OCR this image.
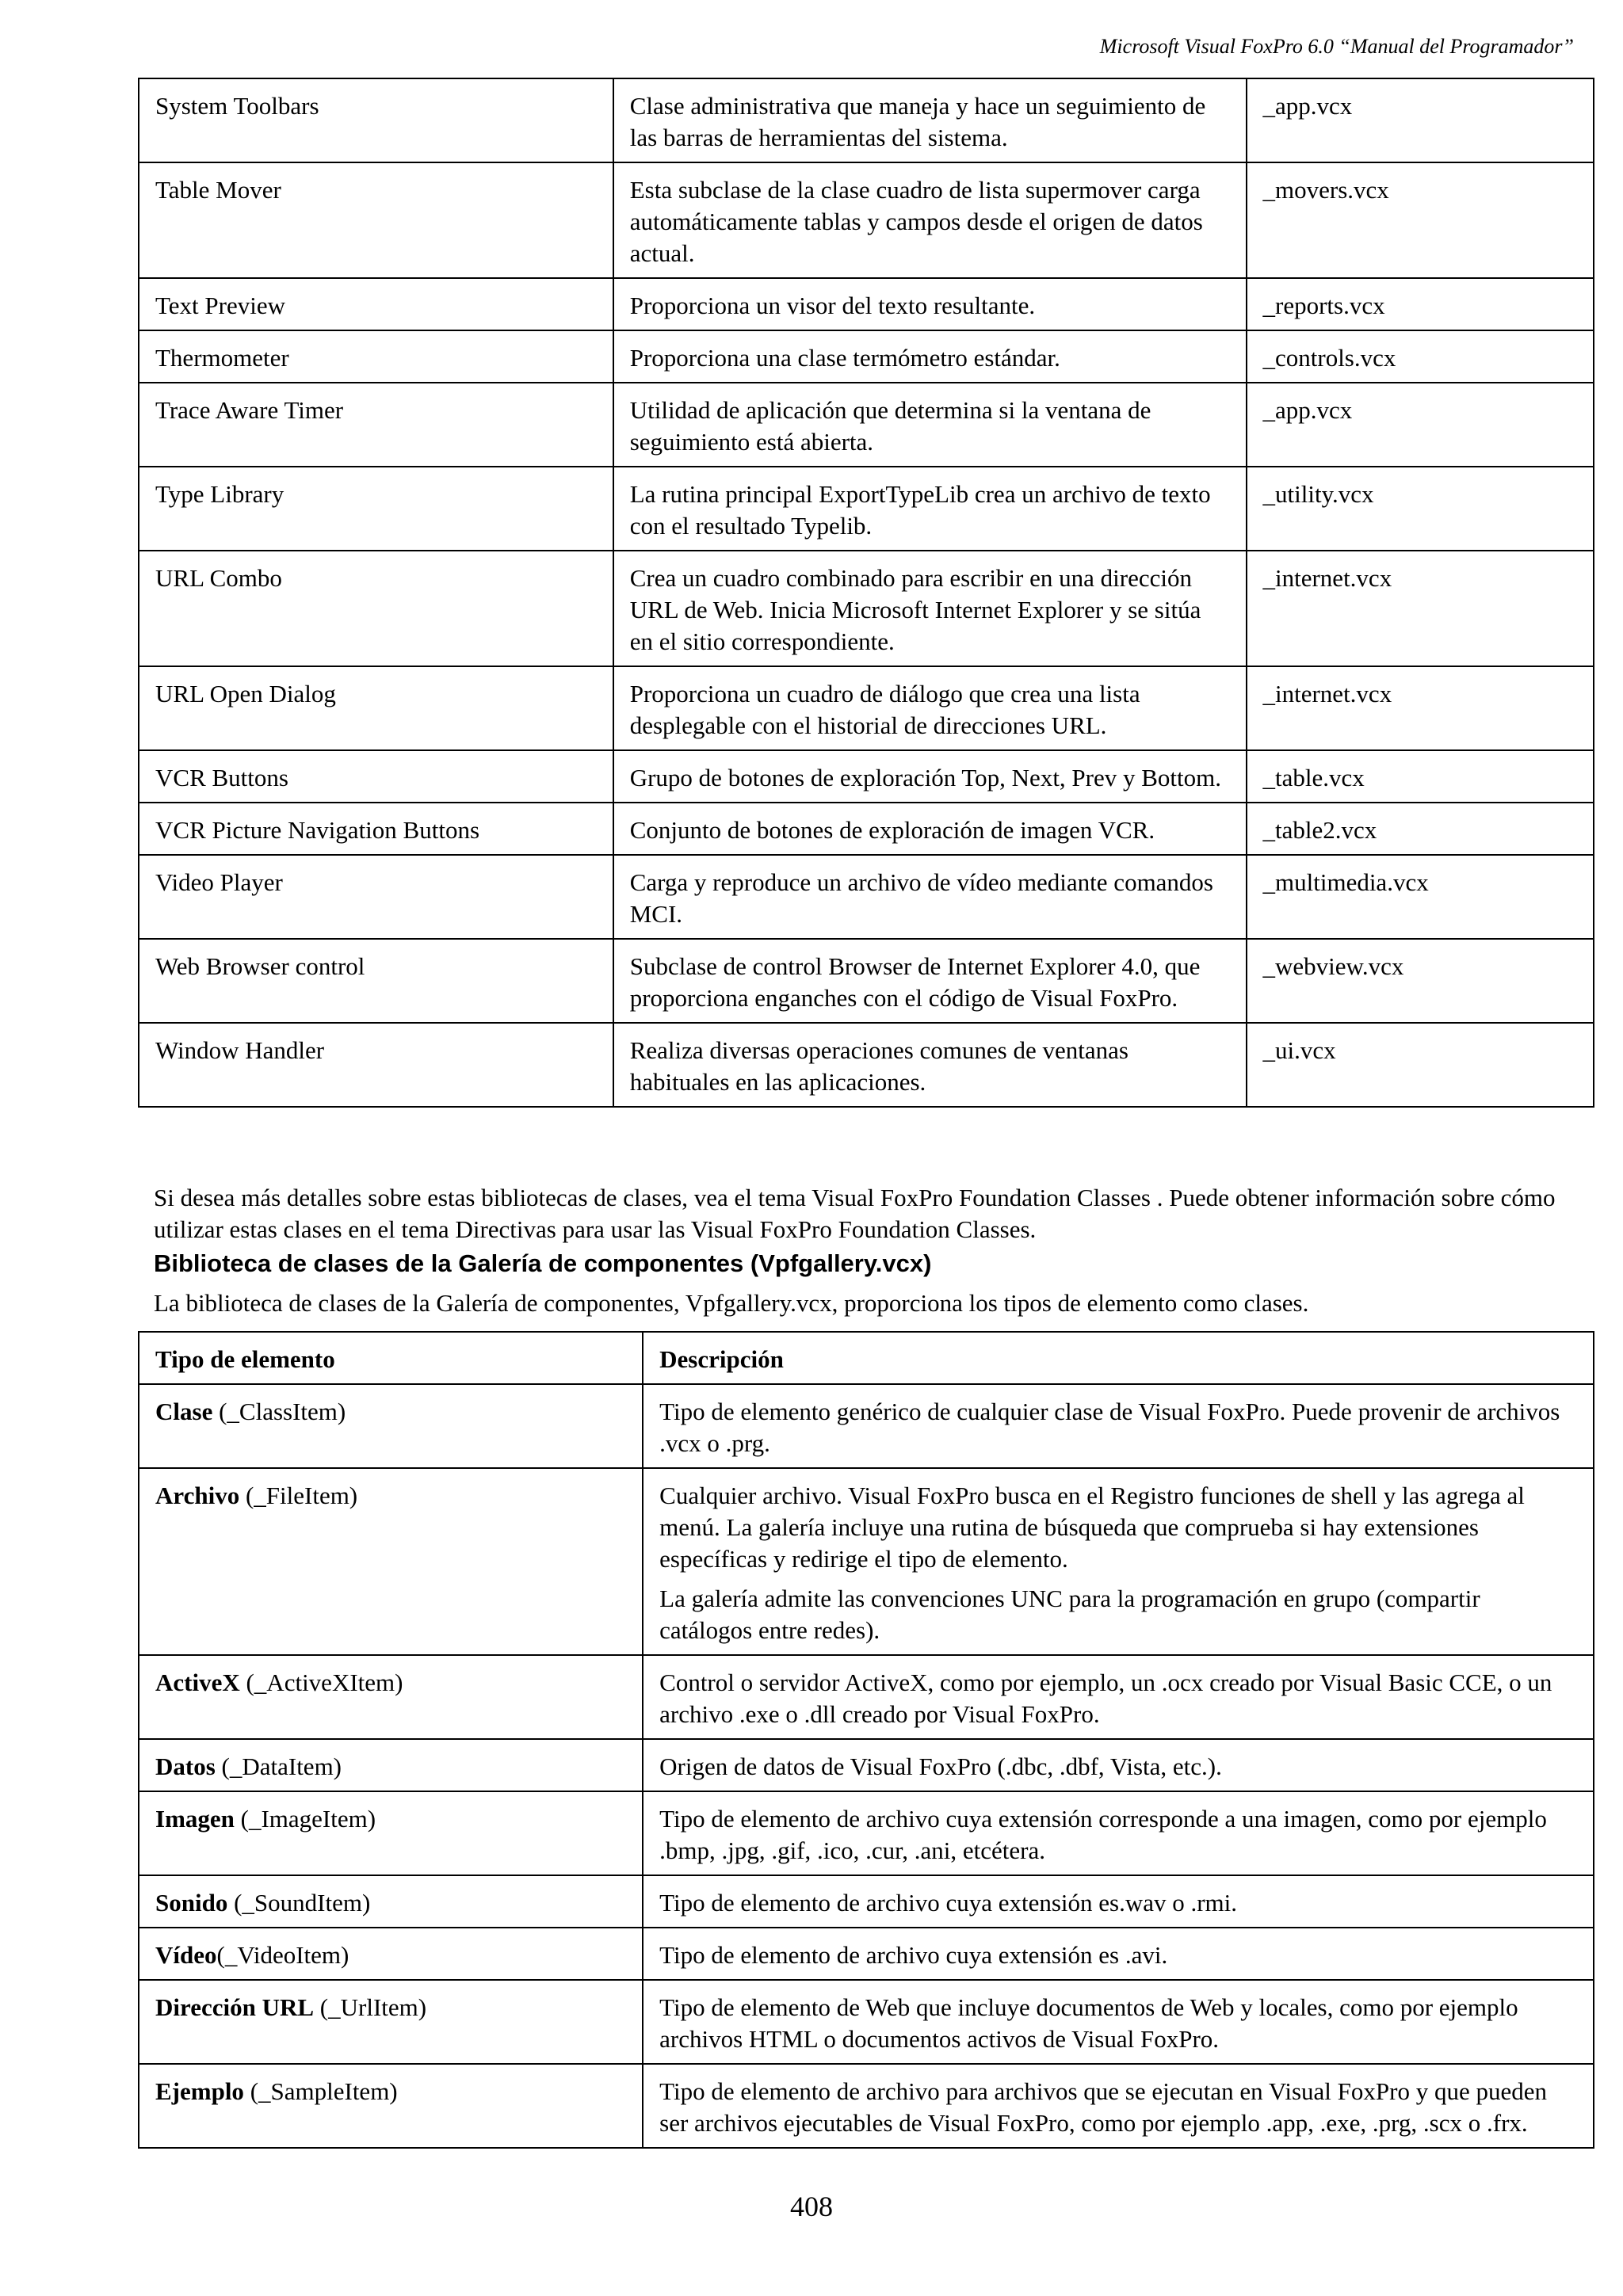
Microsoft Visual FoxPro 6.0 “Manual del Programador”
System Toolbars	Clase administrativa que maneja y hace un seguimiento de las barras de herramientas del sistema.	_app.vcx
Table Mover	Esta subclase de la clase cuadro de lista supermover carga automáticamente tablas y campos desde el origen de datos actual.	_movers.vcx
Text Preview	Proporciona un visor del texto resultante.	_reports.vcx
Thermometer	Proporciona una clase termómetro estándar.	_controls.vcx
Trace Aware Timer	Utilidad de aplicación que determina si la ventana de seguimiento está abierta.	_app.vcx
Type Library	La rutina principal ExportTypeLib crea un archivo de texto con el resultado Typelib.	_utility.vcx
URL Combo	Crea un cuadro combinado para escribir en una dirección URL de Web. Inicia Microsoft Internet Explorer y se sitúa en el sitio correspondiente.	_internet.vcx
URL Open Dialog	Proporciona un cuadro de diálogo que crea una lista desplegable con el historial de direcciones URL.	_internet.vcx
VCR Buttons	Grupo de botones de exploración Top, Next, Prev y Bottom.	_table.vcx
VCR Picture Navigation Buttons	Conjunto de botones de exploración de imagen VCR.	_table2.vcx
Video Player	Carga y reproduce un archivo de vídeo mediante comandos MCI.	_multimedia.vcx
Web Browser control	Subclase de control Browser de Internet Explorer 4.0, que proporciona enganches con el código de Visual FoxPro.	_webview.vcx
Window Handler	Realiza diversas operaciones comunes de ventanas habituales en las aplicaciones.	_ui.vcx
Si desea más detalles sobre estas bibliotecas de clases, vea el tema Visual FoxPro Foundation Classes . Puede obtener información sobre cómo utilizar estas clases en el tema Directivas para usar las Visual FoxPro Foundation Classes.
Biblioteca de clases de la Galería de componentes (Vpfgallery.vcx)
La biblioteca de clases de la Galería de componentes, Vpfgallery.vcx, proporciona los tipos de elemento como clases.
Tipo de elemento	Descripción
Clase (_ClassItem)	Tipo de elemento genérico de cualquier clase de Visual FoxPro. Puede provenir de archivos .vcx o .prg.
Archivo (_FileItem)	Cualquier archivo. Visual FoxPro busca en el Registro funciones de shell y las agrega al menú. La galería incluye una rutina de búsqueda que comprueba si hay extensiones específicas y redirige el tipo de elemento.
La galería admite las convenciones UNC para la programación en grupo (compartir catálogos entre redes).

ActiveX (_ActiveXItem)	Control o servidor ActiveX, como por ejemplo, un .ocx creado por Visual Basic CCE, o un archivo .exe o .dll creado por Visual FoxPro.
Datos (_DataItem)	Origen de datos de Visual FoxPro (.dbc, .dbf, Vista, etc.).
Imagen (_ImageItem)	Tipo de elemento de archivo cuya extensión corresponde a una imagen, como por ejemplo .bmp, .jpg, .gif, .ico, .cur, .ani, etcétera.
Sonido (_SoundItem)	Tipo de elemento de archivo cuya extensión es.wav o .rmi.
Vídeo(_VideoItem)	Tipo de elemento de archivo cuya extensión es .avi.
Dirección URL (_UrlItem)	Tipo de elemento de Web que incluye documentos de Web y locales, como por ejemplo archivos HTML o documentos activos de Visual FoxPro.
Ejemplo (_SampleItem)	Tipo de elemento de archivo para archivos que se ejecutan en Visual FoxPro y que pueden ser archivos ejecutables de Visual FoxPro, como por ejemplo .app, .exe, .prg, .scx o .frx.
408
